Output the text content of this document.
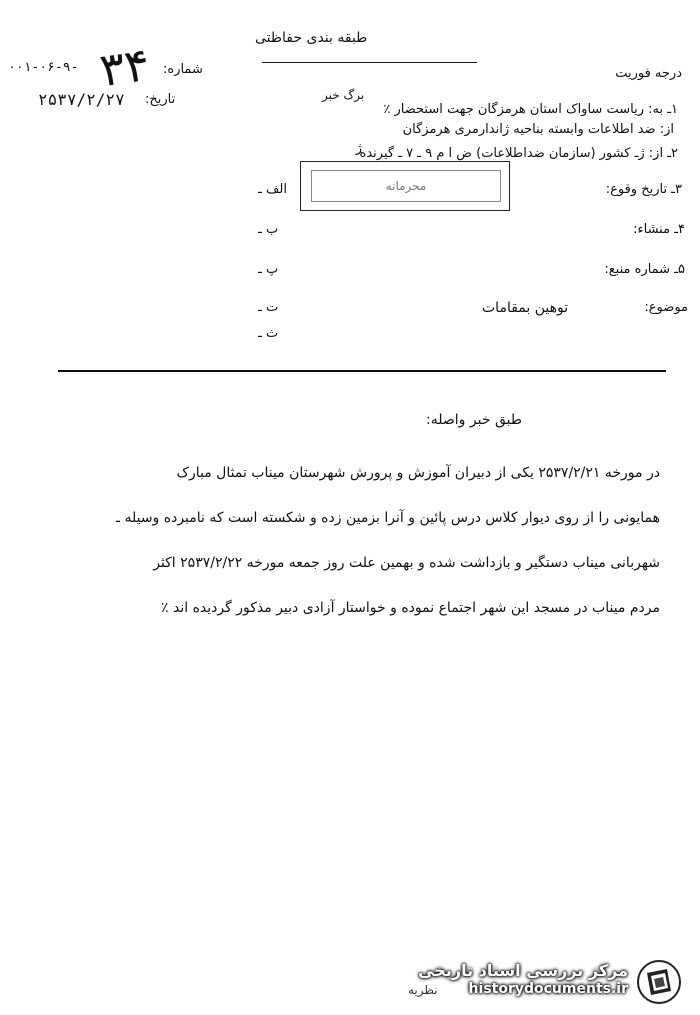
طبقه بندی حفاظتی
درجه فوریت
۳۴ شماره:
۰۰۱-۰۶-۹-
تاریخ:
۲۵۳۷/۲/۲۷	برگ خبر
۱ـ به: ریاست ساواک استان هرمزگان جهت استحضار ٪
از: ضد اطلاعات وابسته بناحیه ژاندارمری هرمزگان
ژ
۲ـ از: ژـ کشور (سازمان ضداطلاعات) ض ا م ۹ ـ ۷ ـ گیرنده
محرمانه	۳ـ تاریخ وقوع:
الف ـ
۴ـ منشاء:
ب ـ
۵ـ شماره منبع:
پ ـ
موضوع:
توهین بمقامات
ت ـ
ث ـ
طبق خبر واصله:
در مورخه ۲۵۳۷/۲/۲۱ یکی از دبیران آموزش و پرورش شهرستان میناب تمثال مبارک
همایونی را از روی دیوار کلاس درس پائین و آنرا بزمین زده و شکسته است که نامبرده وسیله ـ
شهربانی میناب دستگیر و بازداشت شده و بهمین علت روز جمعه مورخه ۲۵۳۷/۲/۲۲ اکثر
مردم میناب در مسجد این شهر اجتماع نموده و خواستار آزادی دبیر مذکور گردیده اند ٪
نظریه
مرکز بررسی اسناد تاریخی
historydocuments.ir
